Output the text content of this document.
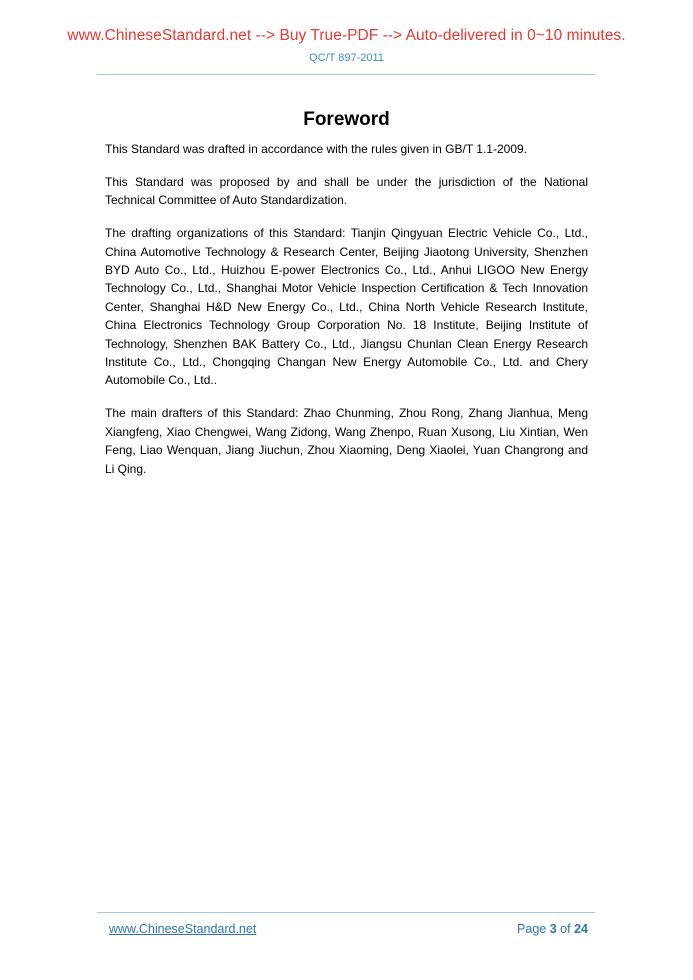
www.ChineseStandard.net --> Buy True-PDF --> Auto-delivered in 0~10 minutes.
QC/T 897-2011
Foreword

This Standard was drafted in accordance with the rules given in GB/T 1.1-2009.

This Standard was proposed by and shall be under the jurisdiction of the National Technical Committee of Auto Standardization.

The drafting organizations of this Standard: Tianjin Qingyuan Electric Vehicle Co., Ltd., China Automotive Technology & Research Center, Beijing Jiaotong University, Shenzhen BYD Auto Co., Ltd., Huizhou E-power Electronics Co., Ltd., Anhui LIGOO New Energy Technology Co., Ltd., Shanghai Motor Vehicle Inspection Certification & Tech Innovation Center, Shanghai H&D New Energy Co., Ltd., China North Vehicle Research Institute, China Electronics Technology Group Corporation No. 18 Institute, Beijing Institute of Technology, Shenzhen BAK Battery Co., Ltd., Jiangsu Chunlan Clean Energy Research Institute Co., Ltd., Chongqing Changan New Energy Automobile Co., Ltd. and Chery Automobile Co., Ltd..

The main drafters of this Standard: Zhao Chunming, Zhou Rong, Zhang Jianhua, Meng Xiangfeng, Xiao Chengwei, Wang Zidong, Wang Zhenpo, Ruan Xusong, Liu Xintian, Wen Feng, Liao Wenquan, Jiang Jiuchun, Zhou Xiaoming, Deng Xiaolei, Yuan Changrong and Li Qing.

www.ChineseStandard.net	Page 3 of 24
